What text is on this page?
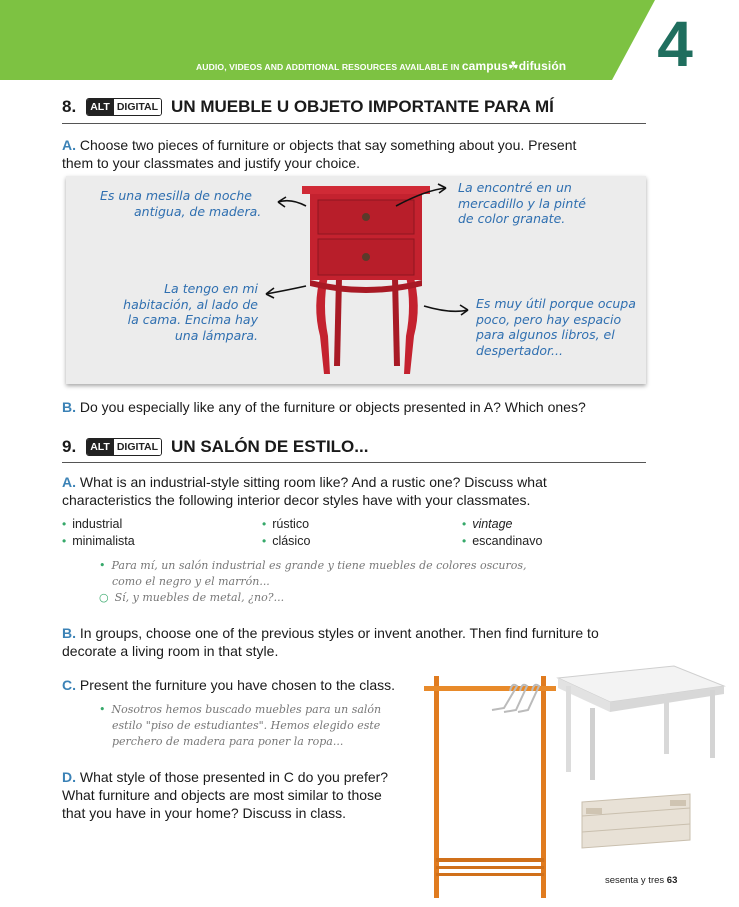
AUDIO, VIDEOS AND ADDITIONAL RESOURCES AVAILABLE IN campus☘difusión 4
8. ALT DIGITAL UN MUEBLE U OBJETO IMPORTANTE PARA MÍ
A. Choose two pieces of furniture or objects that say something about you. Present
them to your classmates and justify your choice.
Es una mesilla de noche
antigua, de madera.
La encontré en un
mercadillo y la pinté
de color granate.
La tengo en mi
habitación, al lado de
la cama. Encima hay
una lámpara.
Es muy útil porque ocupa
poco, pero hay espacio
para algunos libros, el
despertador...
B. Do you especially like any of the furniture or objects presented in A? Which ones?
9. ALT DIGITAL UN SALÓN DE ESTILO...
A. What is an industrial-style sitting room like? And a rustic one? Discuss what
characteristics the following interior decor styles have with your classmates.
• industrial	• rústico	• vintage
• minimalista	• clásico	• escandinavo
• Para mí, un salón industrial es grande y tiene muebles de colores oscuros,
como el negro y el marrón...
○ Sí, y muebles de metal, ¿no?...
B. In groups, choose one of the previous styles or invent another. Then find furniture to
decorate a living room in that style.
C. Present the furniture you have chosen to the class.
• Nosotros hemos buscado muebles para un salón
estilo "piso de estudiantes". Hemos elegido este
perchero de madera para poner la ropa...
D. What style of those presented in C do you prefer?
What furniture and objects are most similar to those
that you have in your home? Discuss in class.
sesenta y tres 63
